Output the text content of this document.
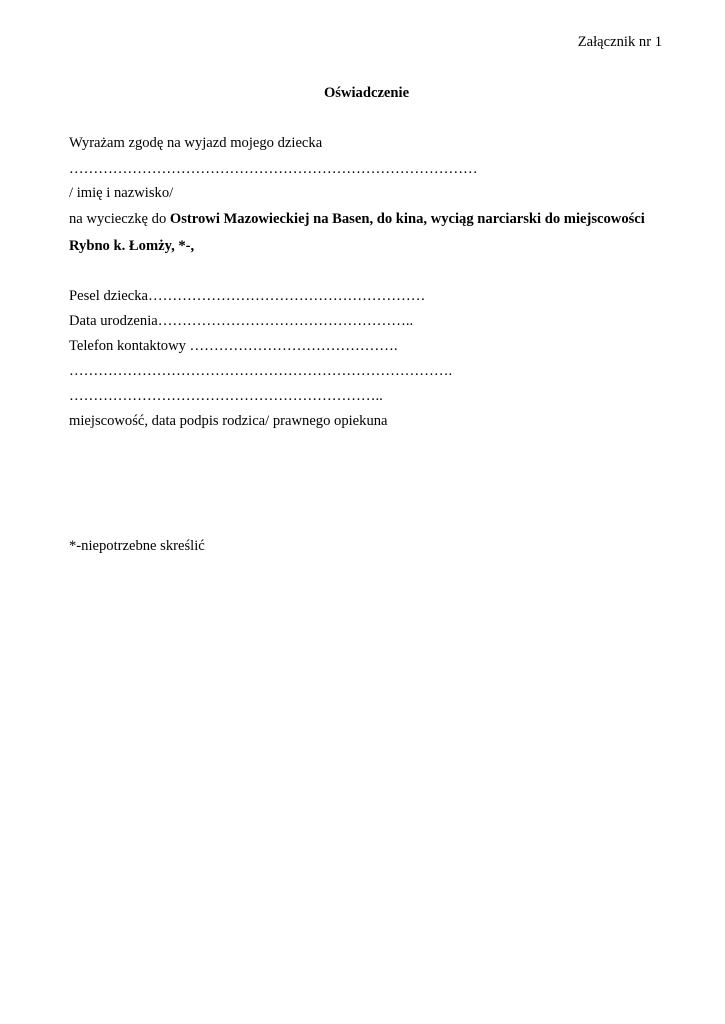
Załącznik nr 1
Oświadczenie
Wyrażam zgodę na wyjazd mojego dziecka
…………………………………………………………………………
/ imię i nazwisko/
na wycieczkę do Ostrowi Mazowieckiej na Basen, do kina, wyciąg narciarski do miejscowości
Rybno k. Łomży, *-,
Pesel dziecka…………………………………………………
Data urodzenia……………………………………………..
Telefon kontaktowy …………………………………….
…………………………………………………………………….
………………………………………………………..
miejscowość, data podpis rodzica/ prawnego opiekuna
*-niepotrzebne skreślić
